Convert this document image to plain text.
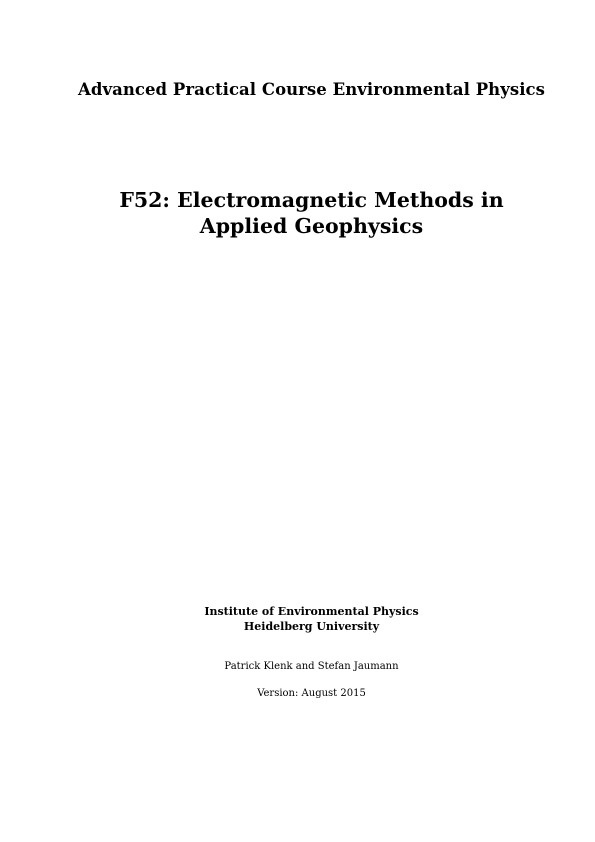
Advanced Practical Course Environmental Physics
F52: Electromagnetic Methods in
Applied Geophysics
Institute of Environmental Physics
Heidelberg University
Patrick Klenk and Stefan Jaumann
Version: August 2015
